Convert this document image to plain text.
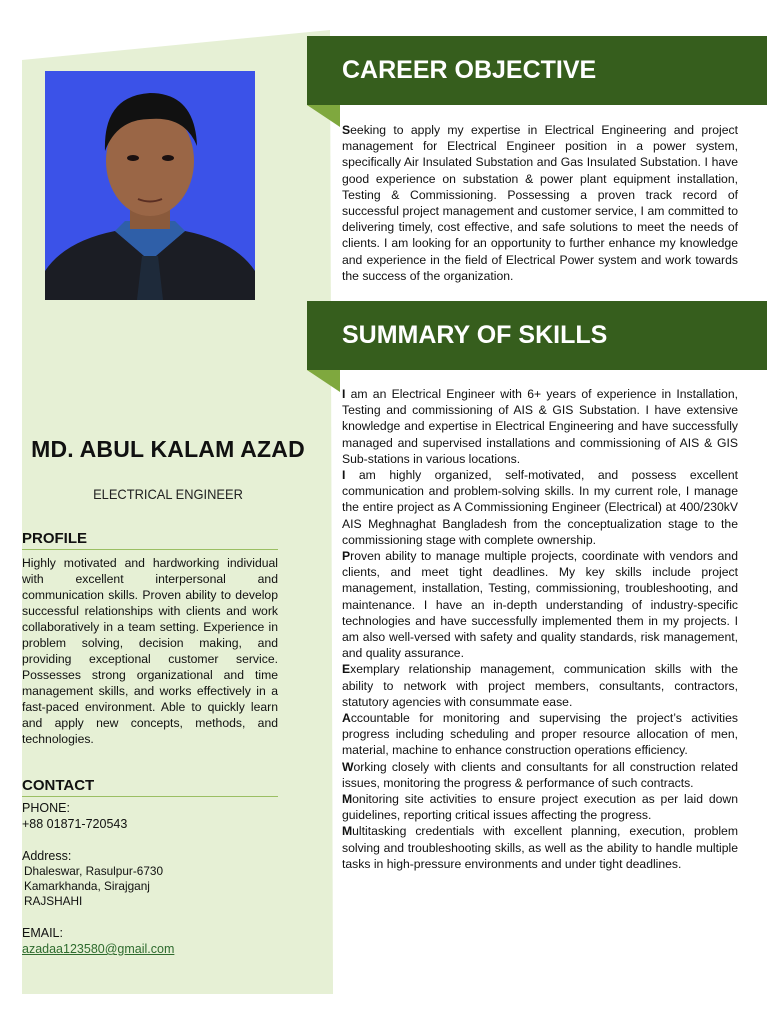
MD. ABUL KALAM AZAD
ELECTRICAL ENGINEER
PROFILE
Highly motivated and hardworking individual with excellent interpersonal and communication skills. Proven ability to develop successful relationships with clients and work collaboratively in a team setting. Experience in problem solving, decision making, and providing exceptional customer service. Possesses strong organizational and time management skills, and works effectively in a fast-paced environment. Able to quickly learn and apply new concepts, methods, and technologies.
CONTACT
PHONE:
+88 01871-720543
Address:
Dhaleswar, Rasulpur-6730
Kamarkhanda, Sirajganj
RAJSHAHI
EMAIL:
azadaa123580@gmail.com
CAREER OBJECTIVE

Seeking to apply my expertise in Electrical Engineering and project management for Electrical Engineer position in a power system, specifically Air Insulated Substation and Gas Insulated Substation. I have good experience on substation & power plant equipment installation, Testing & Commissioning. Possessing a proven track record of successful project management and customer service, I am committed to delivering timely, cost effective, and safe solutions to meet the needs of clients. I am looking for an opportunity to further enhance my knowledge and experience in the field of Electrical Power system and work towards the success of the organization.

SUMMARY OF SKILLS

I am an Electrical Engineer with 6+ years of experience in Installation, Testing and commissioning of AIS & GIS Substation. I have extensive knowledge and expertise in Electrical Engineering and have successfully managed and supervised installations and commissioning of AIS & GIS Sub-stations in various locations.

I am highly organized, self-motivated, and possess excellent communication and problem-solving skills. In my current role, I manage the entire project as A Commissioning Engineer (Electrical) at 400/230kV AIS Meghnaghat Bangladesh from the conceptualization stage to the commissioning stage with complete ownership.

Proven ability to manage multiple projects, coordinate with vendors and clients, and meet tight deadlines. My key skills include project management, installation, Testing, commissioning, troubleshooting, and maintenance. I have an in-depth understanding of industry-specific technologies and have successfully implemented them in my projects. I am also well-versed with safety and quality standards, risk management, and quality assurance.

Exemplary relationship management, communication skills with the ability to network with project members, consultants, contractors, statutory agencies with consummate ease.

Accountable for monitoring and supervising the project’s activities progress including scheduling and proper resource allocation of men, material, machine to enhance construction operations efficiency.

Working closely with clients and consultants for all construction related issues, monitoring the progress & performance of such contracts.

Monitoring site activities to ensure project execution as per laid down guidelines, reporting critical issues affecting the progress.

Multitasking credentials with excellent planning, execution, problem solving and troubleshooting skills, as well as the ability to handle multiple tasks in high-pressure environments and under tight deadlines.
